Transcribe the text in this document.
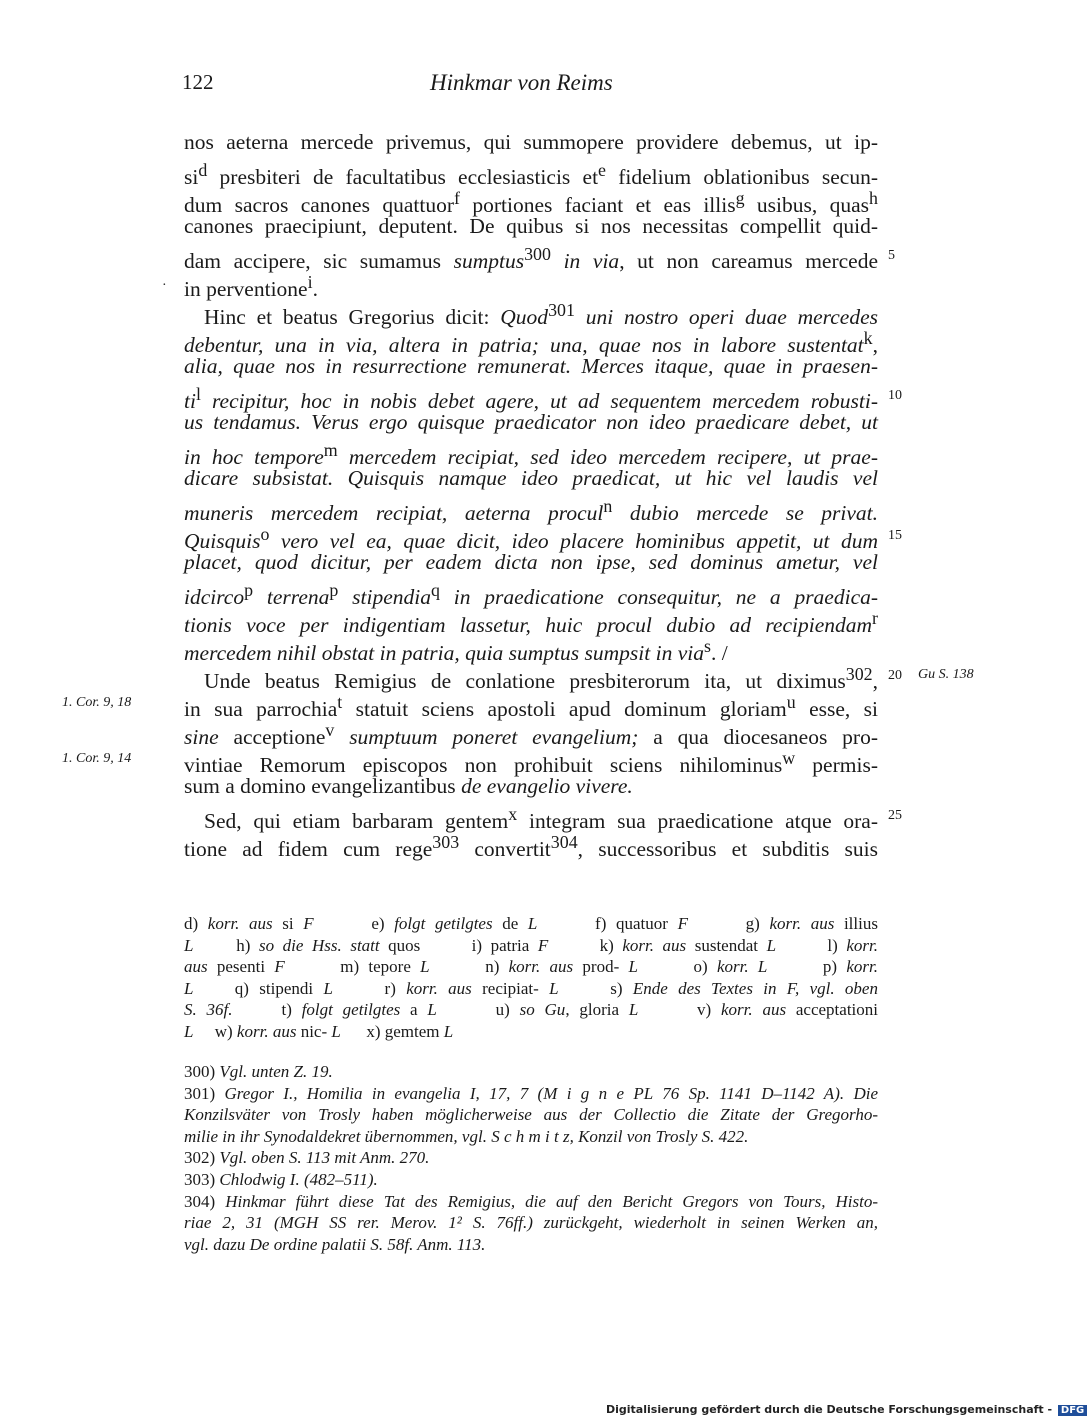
122	Hinkmar von Reims
·
nos aeterna mercede privemus, qui summopere providere debemus, ut ip-
$si^d$ presbiteri de facultatibus ecclesiasticis $et^e$ fidelium oblationibus secun-
dum sacros canones quattuor$^f$ portiones faciant et eas illis$^g$ usibus, quas$^h$
canones praecipiunt, deputent. De quibus si nos necessitas compellit quid-
dam accipere, sic sumamus sumptus$^{300}$ in via, ut non careamus mercede
in perventione$^i$.
Hinc et beatus Gregorius dicit: Quod$^{301}$ uni nostro operi duae mercedes
debentur, una in via, altera in patria; una, quae nos in labore sustentat$^k$,
alia, quae nos in resurrectione remunerat. Merces itaque, quae in praesen-
$ti^l$ recipitur, hoc in nobis debet agere, ut ad sequentem mercedem robusti-
us tendamus. Verus ergo quisque praedicator non ideo praedicare debet, ut
in hoc tempore$^m$ mercedem recipiat, sed ideo mercedem recipere, ut prae-
dicare subsistat. Quisquis namque ideo praedicat, ut hic vel laudis vel
muneris mercedem recipiat, aeterna procul$^n$ dubio mercede se privat.
Quisquis$^o$ vero vel ea, quae dicit, ideo placere hominibus appetit, ut dum
placet, quod dicitur, per eadem dicta non ipse, sed dominus ametur, vel
idcirco$^p$ terrena$^p$ stipendia$^q$ in praedicatione consequitur, ne a praedica-
tionis voce per indigentiam lassetur, huic procul dubio ad recipiendam$^r$
mercedem nihil obstat in patria, quia sumptus sumpsit in via$^s$. /
Unde beatus Remigius de conlatione presbiterorum ita, ut diximus$^{302}$,
in sua parrochia$^t$ statuit sciens apostoli apud dominum gloriam$^u$ esse, si
sine acceptione$^v$ sumptuum poneret evangelium; a qua diocesaneos pro-
vintiae Remorum episcopos non prohibuit sciens nihilominus$^w$ permis-
sum a domino evangelizantibus de evangelio vivere.
Sed, qui etiam barbaram gentem$^x$ integram sua praedicatione atque ora-
tione ad fidem cum rege$^{303}$ convertit$^{304}$, successoribus et subditis suis
5
10
15
20
25
1. Cor. 9, 18
1. Cor. 9, 14
Gu S. 138
d) korr. aus si F      e) folgt getilgtes de L      f) quatuor F      g) korr. aus illius
L     h) so die Hss. statt quos      i) patria F      k) korr. aus sustendat L      l) korr.
aus pesenti F      m) tepore L      n) korr. aus prod- L      o) korr. L      p) korr.
L    q) stipendi L     r) korr. aus recipiat- L     s) Ende des Textes in F, vgl. oben
S. 36f.     t) folgt getilgtes a L      u) so Gu, gloria L      v) korr. aus acceptationi
L     w) korr. aus nic- L      x) gemtem L
300) Vgl. unten Z. 19.
301) Gregor I., Homilia in evangelia I, 17, 7 (M i g n e PL 76 Sp. 1141 D–1142 A). Die
Konzilsväter von Trosly haben möglicherweise aus der Collectio die Zitate der Gregorho-
milie in ihr Synodaldekret übernommen, vgl. S c h m i t z, Konzil von Trosly S. 422.
302) Vgl. oben S. 113 mit Anm. 270.
303) Chlodwig I. (482–511).
304) Hinkmar führt diese Tat des Remigius, die auf den Bericht Gregors von Tours, Histo-
riae 2, 31 (MGH SS rer. Merov. 1² S. 76ff.) zurückgeht, wiederholt in seinen Werken an,
vgl. dazu De ordine palatii S. 58f. Anm. 113.
Digitalisierung gefördert durch die Deutsche Forschungsgemeinschaft - DFG
